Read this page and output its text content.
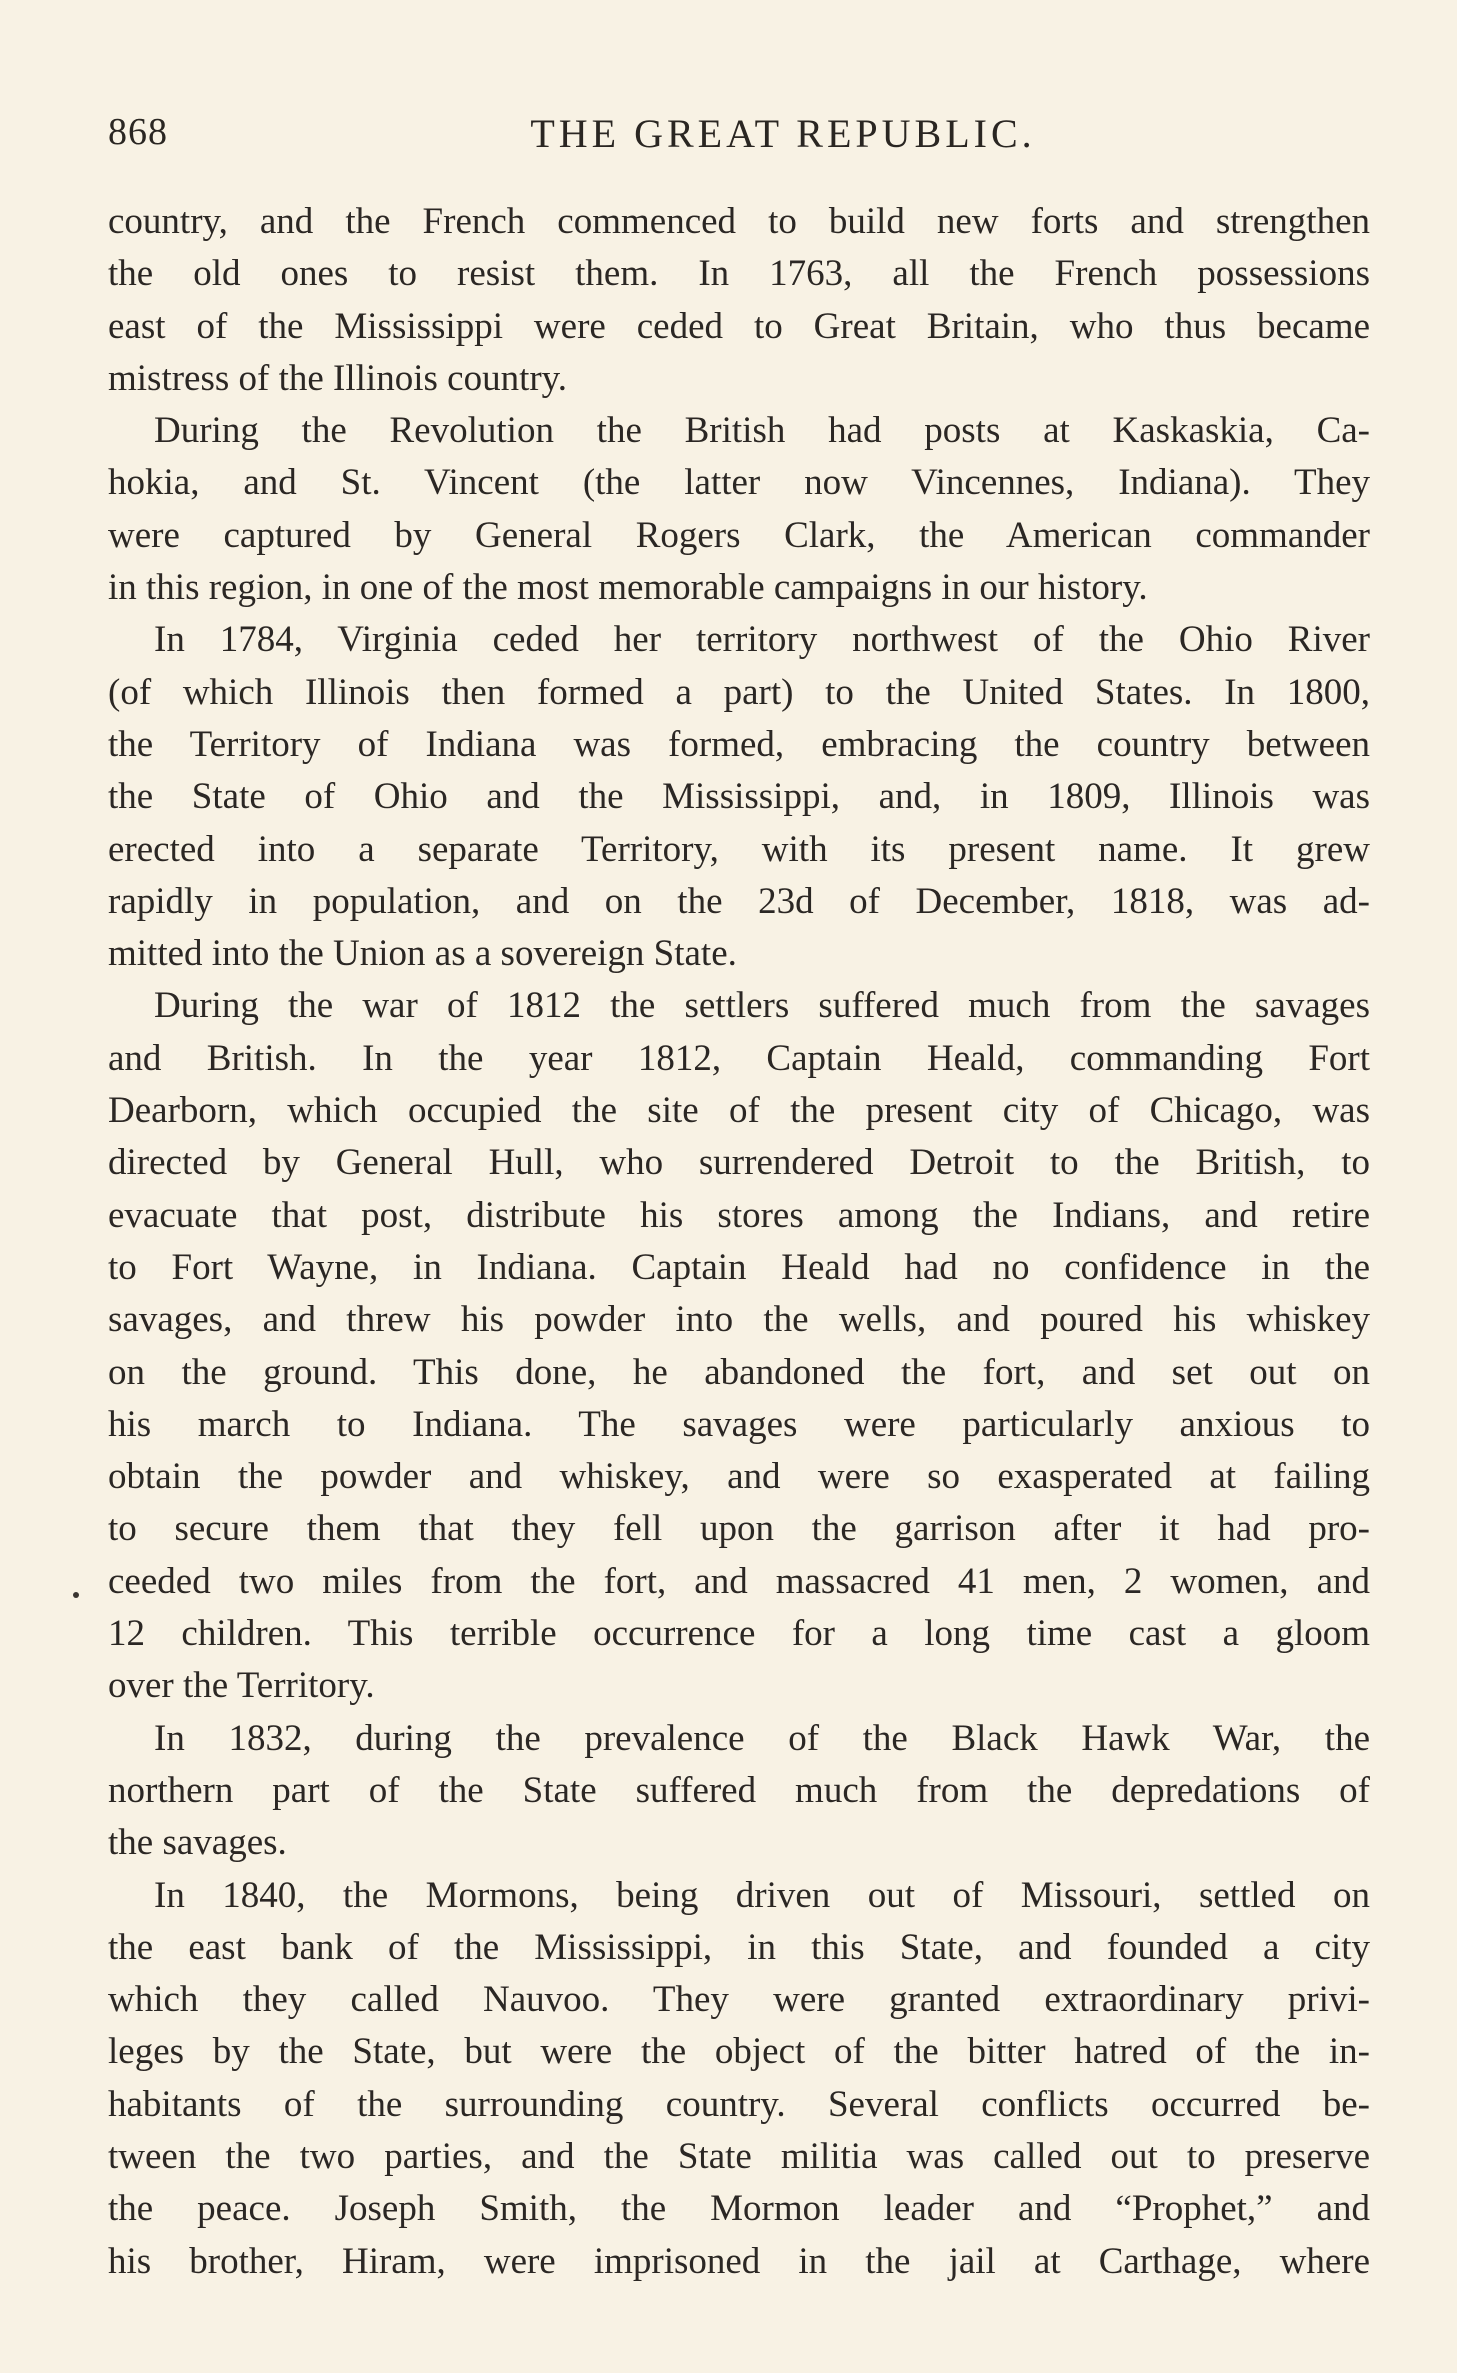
868	THE GREAT REPUBLIC.
country, and the French commenced to build new forts and strengthen
the old ones to resist them. In 1763, all the French possessions
east of the Mississippi were ceded to Great Britain, who thus became
mistress of the Illinois country.
During the Revolution the British had posts at Kaskaskia, Ca-
hokia, and St. Vincent (the latter now Vincennes, Indiana). They
were captured by General Rogers Clark, the American commander
in this region, in one of the most memorable campaigns in our history.
In 1784, Virginia ceded her territory northwest of the Ohio River
(of which Illinois then formed a part) to the United States. In 1800,
the Territory of Indiana was formed, embracing the country between
the State of Ohio and the Mississippi, and, in 1809, Illinois was
erected into a separate Territory, with its present name. It grew
rapidly in population, and on the 23d of December, 1818, was ad-
mitted into the Union as a sovereign State.
During the war of 1812 the settlers suffered much from the savages
and British. In the year 1812, Captain Heald, commanding Fort
Dearborn, which occupied the site of the present city of Chicago, was
directed by General Hull, who surrendered Detroit to the British, to
evacuate that post, distribute his stores among the Indians, and retire
to Fort Wayne, in Indiana. Captain Heald had no confidence in the
savages, and threw his powder into the wells, and poured his whiskey
on the ground. This done, he abandoned the fort, and set out on
his march to Indiana. The savages were particularly anxious to
obtain the powder and whiskey, and were so exasperated at failing
to secure them that they fell upon the garrison after it had pro-
ceeded two miles from the fort, and massacred 41 men, 2 women, and
12 children. This terrible occurrence for a long time cast a gloom
over the Territory.
In 1832, during the prevalence of the Black Hawk War, the
northern part of the State suffered much from the depredations of
the savages.
In 1840, the Mormons, being driven out of Missouri, settled on
the east bank of the Mississippi, in this State, and founded a city
which they called Nauvoo. They were granted extraordinary privi-
leges by the State, but were the object of the bitter hatred of the in-
habitants of the surrounding country. Several conflicts occurred be-
tween the two parties, and the State militia was called out to preserve
the peace. Joseph Smith, the Mormon leader and “Prophet,” and
his brother, Hiram, were imprisoned in the jail at Carthage, where
